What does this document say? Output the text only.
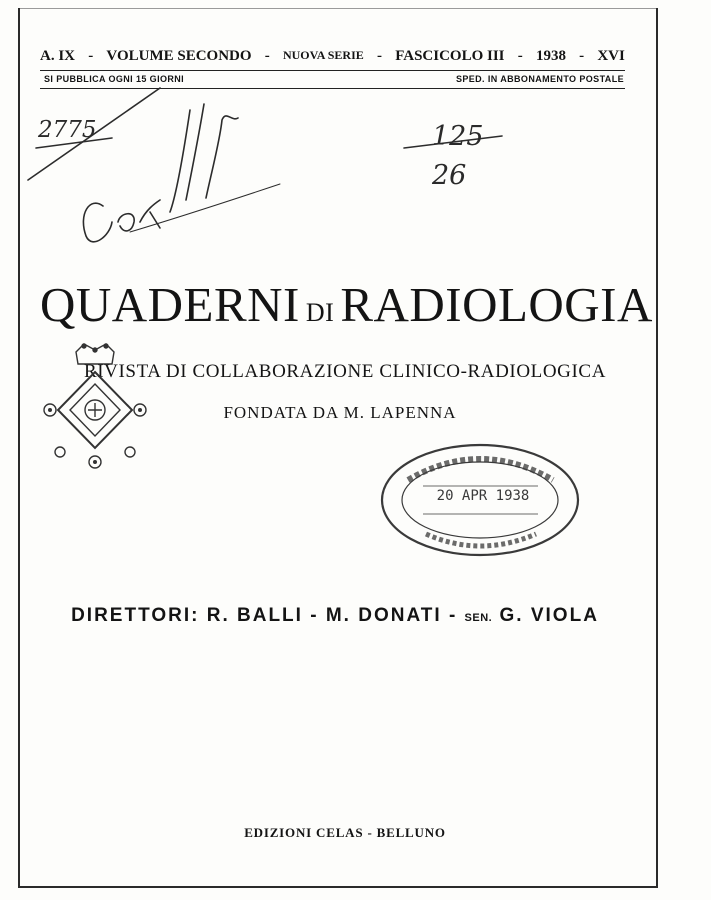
A. IX - VOLUME SECONDO - NUOVA SERIE - FASCICOLO III - 1938 - XVI
SI PUBBLICA OGNI 15 GIORNI	SPED. IN ABBONAMENTO POSTALE
2775	125
26
QUADERNI DI RADIOLOGIA
RIVISTA DI COLLABORAZIONE CLINICO-RADIOLOGICA
FONDATA DA M. LAPENNA
20 APR 1938
DIRETTORI: R. BALLI - M. DONATI - SEN. G. VIOLA
EDIZIONI CELAS - BELLUNO
